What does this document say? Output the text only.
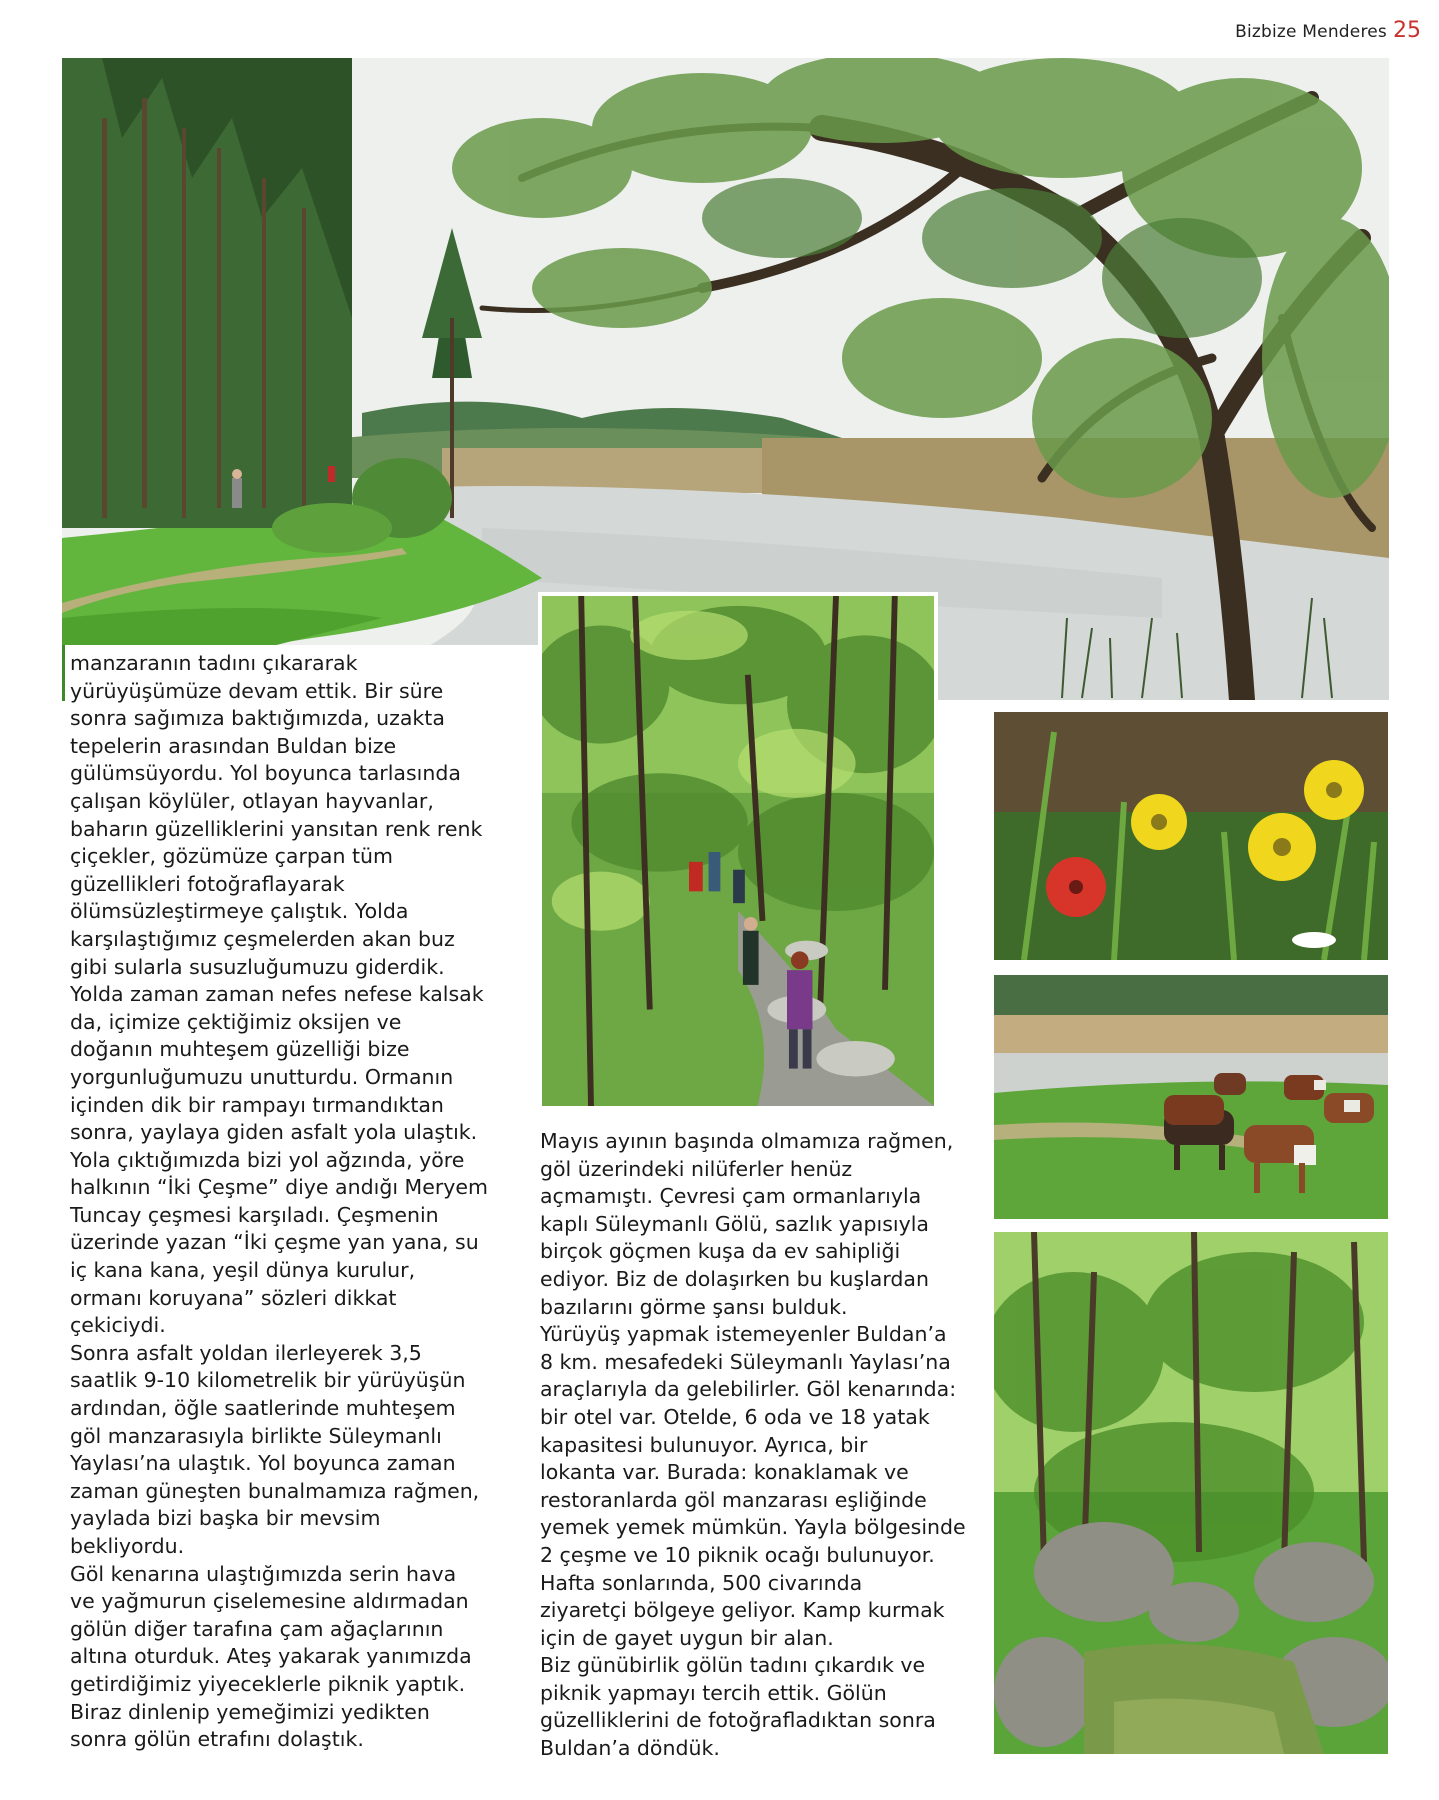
Bizbize Menderes 25
manzaranın tadını çıkararak
yürüyüşümüze devam ettik. Bir süre
sonra sağımıza baktığımızda, uzakta
tepelerin arasından Buldan bize
gülümsüyordu. Yol boyunca tarlasında
çalışan köylüler, otlayan hayvanlar,
baharın güzelliklerini yansıtan renk renk
çiçekler, gözümüze çarpan tüm
güzellikleri fotoğraflayarak
ölümsüzleştirmeye çalıştık. Yolda
karşılaştığımız çeşmelerden akan buz
gibi sularla susuzluğumuzu giderdik.
Yolda zaman zaman nefes nefese kalsak
da, içimize çektiğimiz oksijen ve
doğanın muhteşem güzelliği bize
yorgunluğumuzu unutturdu. Ormanın
içinden dik bir rampayı tırmandıktan
sonra, yaylaya giden asfalt yola ulaştık.
Yola çıktığımızda bizi yol ağzında, yöre
halkının “İki Çeşme” diye andığı Meryem
Tuncay çeşmesi karşıladı. Çeşmenin
üzerinde yazan “İki çeşme yan yana, su
iç kana kana, yeşil dünya kurulur,
ormanı koruyana” sözleri dikkat
çekiciydi.
Sonra asfalt yoldan ilerleyerek 3,5
saatlik 9-10 kilometrelik bir yürüyüşün
ardından, öğle saatlerinde muhteşem
göl manzarasıyla birlikte Süleymanlı
Yaylası’na ulaştık. Yol boyunca zaman
zaman güneşten bunalmamıza rağmen,
yaylada bizi başka bir mevsim
bekliyordu.
Göl kenarına ulaştığımızda serin hava
ve yağmurun çiselemesine aldırmadan
gölün diğer tarafına çam ağaçlarının
altına oturduk. Ateş yakarak yanımızda
getirdiğimiz yiyeceklerle piknik yaptık.
Biraz dinlenip yemeğimizi yedikten
sonra gölün etrafını dolaştık.
Mayıs ayının başında olmamıza rağmen,
göl üzerindeki nilüferler henüz
açmamıştı. Çevresi çam ormanlarıyla
kaplı Süleymanlı Gölü, sazlık yapısıyla
birçok göçmen kuşa da ev sahipliği
ediyor. Biz de dolaşırken bu kuşlardan
bazılarını görme şansı bulduk.
Yürüyüş yapmak istemeyenler Buldan’a
8 km. mesafedeki Süleymanlı Yaylası’na
araçlarıyla da gelebilirler. Göl kenarında:
bir otel var. Otelde, 6 oda ve 18 yatak
kapasitesi bulunuyor. Ayrıca, bir
lokanta var. Burada: konaklamak ve
restoranlarda göl manzarası eşliğinde
yemek yemek mümkün. Yayla bölgesinde
2 çeşme ve 10 piknik ocağı bulunuyor.
Hafta sonlarında, 500 civarında
ziyaretçi bölgeye geliyor. Kamp kurmak
için de gayet uygun bir alan.
Biz günübirlik gölün tadını çıkardık ve
piknik yapmayı tercih ettik. Gölün
güzelliklerini de fotoğrafladıktan sonra
Buldan’a döndük.
